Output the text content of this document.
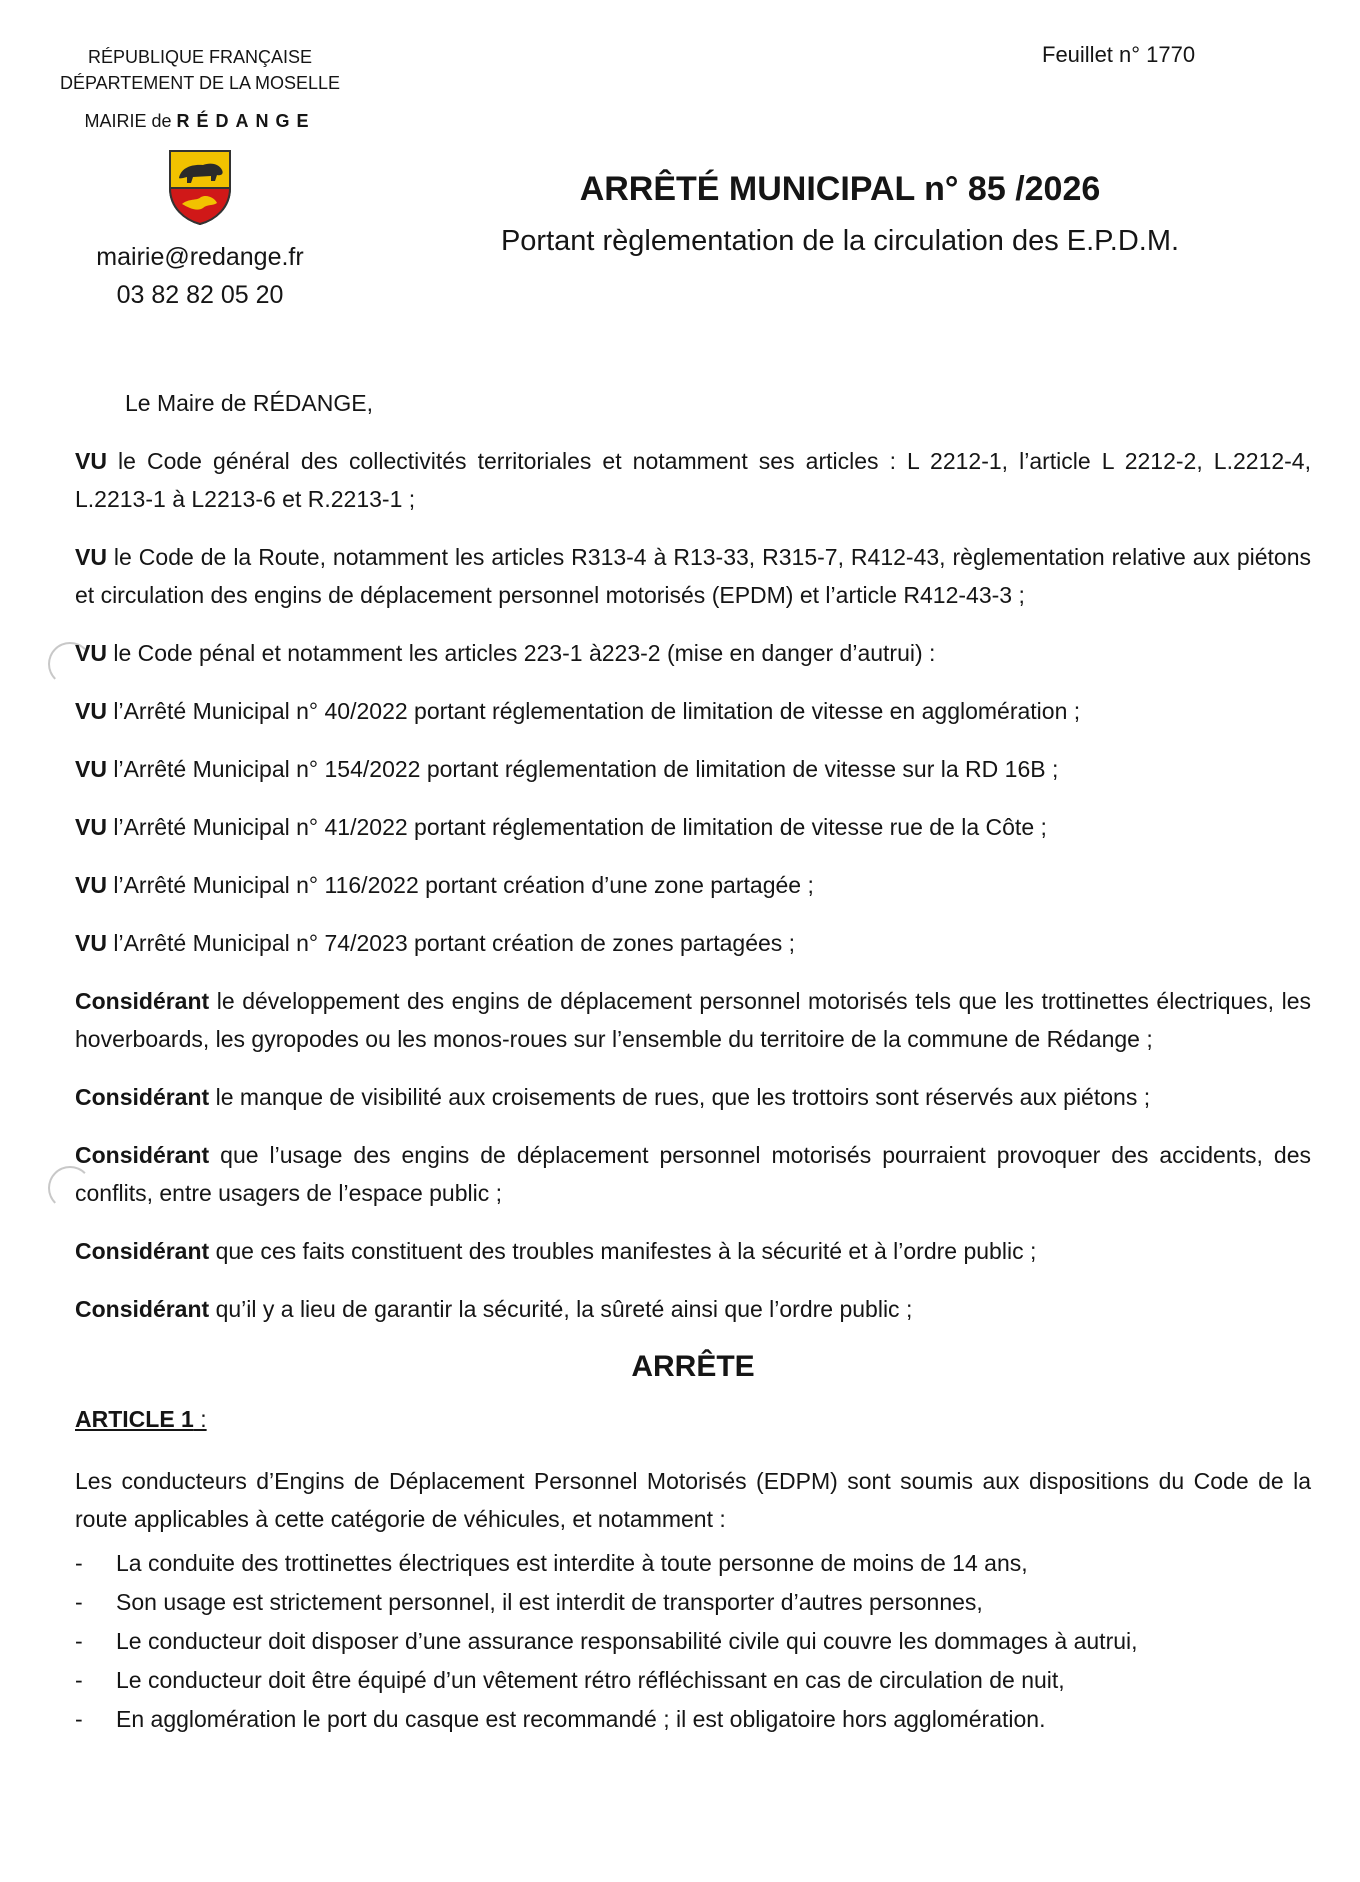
RÉPUBLIQUE FRANÇAISE
DÉPARTEMENT DE LA MOSELLE
MAIRIE de RÉDANGE
mairie@redange.fr
03 82 82 05 20
Feuillet n° 1770
ARRÊTÉ MUNICIPAL n° 85 /2026
Portant règlementation de la circulation des E.P.D.M.

Le Maire de RÉDANGE,

VU le Code général des collectivités territoriales et notamment ses articles : L 2212-1, l’article L 2212-2, L.2212-4, L.2213-1 à L2213-6 et R.2213-1 ;

VU le Code de la Route, notamment les articles R313-4 à R13-33, R315-7, R412-43, règlementation relative aux piétons et circulation des engins de déplacement personnel motorisés (EPDM) et l’article R412-43-3 ;

VU le Code pénal et notamment les articles 223-1 à223-2 (mise en danger d’autrui) :

VU l’Arrêté Municipal n° 40/2022 portant réglementation de limitation de vitesse en agglomération ;

VU l’Arrêté Municipal n° 154/2022 portant réglementation de limitation de vitesse sur la RD 16B ;

VU l’Arrêté Municipal n° 41/2022 portant réglementation de limitation de vitesse rue de la Côte ;

VU l’Arrêté Municipal n° 116/2022 portant création d’une zone partagée ;

VU l’Arrêté Municipal n° 74/2023 portant création de zones partagées ;

Considérant le développement des engins de déplacement personnel motorisés tels que les trottinettes électriques, les hoverboards, les gyropodes ou les monos-roues sur l’ensemble du territoire de la commune de Rédange ;

Considérant le manque de visibilité aux croisements de rues, que les trottoirs sont réservés aux piétons ;

Considérant que l’usage des engins de déplacement personnel motorisés pourraient provoquer des accidents, des conflits, entre usagers de l’espace public ;

Considérant que ces faits constituent des troubles manifestes à la sécurité et à l’ordre public ;

Considérant qu’il y a lieu de garantir la sécurité, la sûreté ainsi que l’ordre public ;

ARRÊTE

ARTICLE 1 :

Les conducteurs d’Engins de Déplacement Personnel Motorisés (EDPM) sont soumis aux dispositions du Code de la route applicables à cette catégorie de véhicules, et notamment :

- La conduite des trottinettes électriques est interdite à toute personne de moins de 14 ans,
- Son usage est strictement personnel, il est interdit de transporter d’autres personnes,
- Le conducteur doit disposer d’une assurance responsabilité civile qui couvre les dommages à autrui,
- Le conducteur doit être équipé d’un vêtement rétro réfléchissant en cas de circulation de nuit,
- En agglomération le port du casque est recommandé ; il est obligatoire hors agglomération.
